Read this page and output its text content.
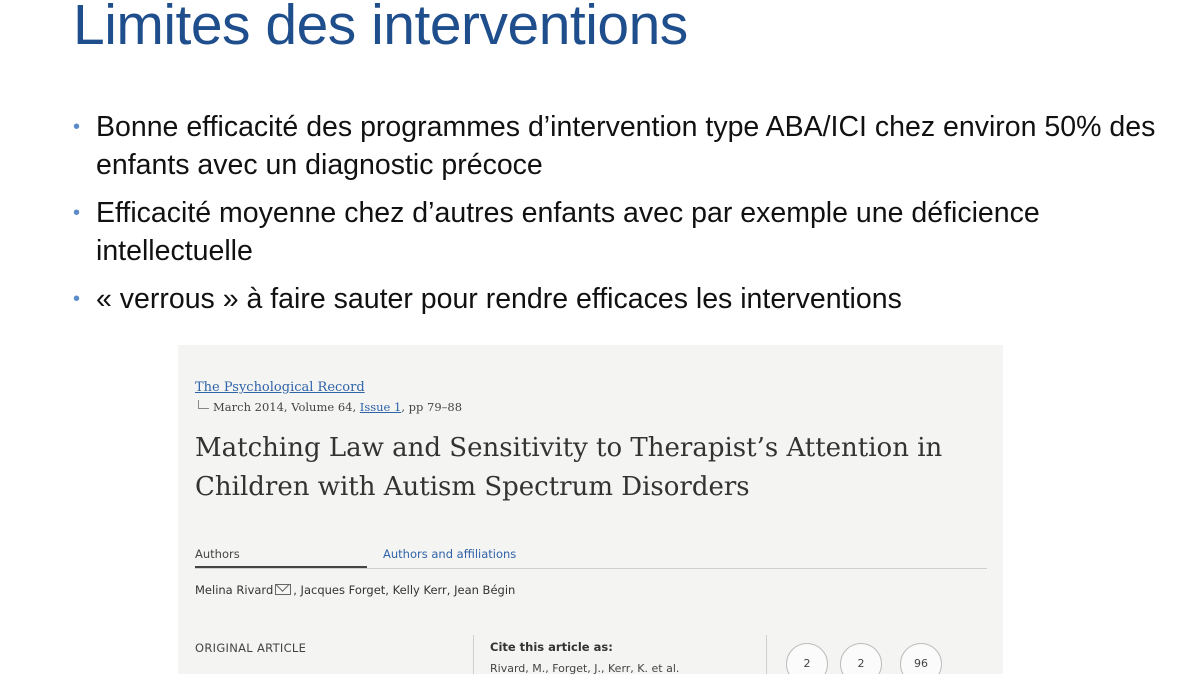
Limites des interventions
• Bonne efficacité des programmes d’intervention type ABA/ICI chez environ 50% des enfants avec un diagnostic précoce
• Efficacité moyenne chez d’autres enfants avec par exemple une déficience intellectuelle
• « verrous » à faire sauter pour rendre efficaces les interventions
The Psychological Record
March 2014, Volume 64, Issue 1, pp 79–88
Matching Law and Sensitivity to Therapist’s Attention in Children with Autism Spectrum Disorders
Authors	Authors and affiliations
Melina Rivard , Jacques Forget, Kelly Kerr, Jean Bégin
ORIGINAL ARTICLE	Cite this article as:
Rivard, M., Forget, J., Kerr, K. et al.	2	2	96
